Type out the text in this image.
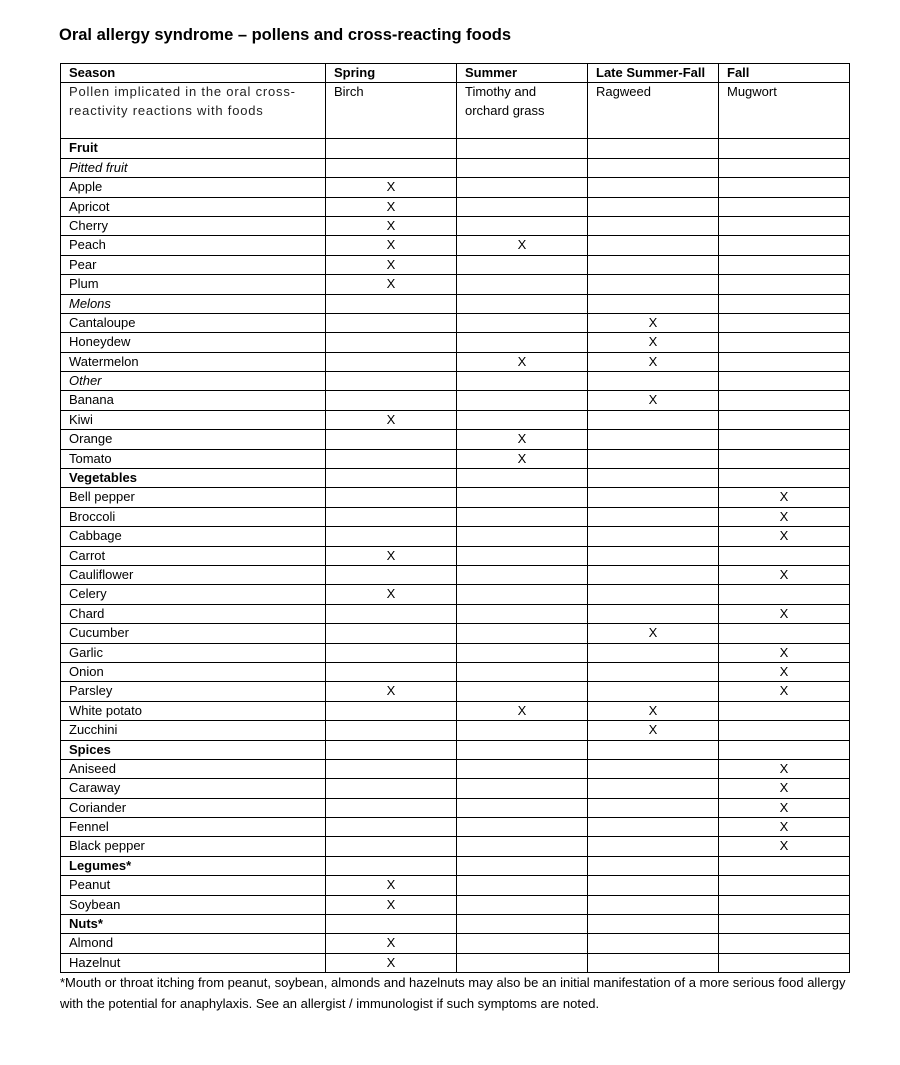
Oral allergy syndrome – pollens and cross-reacting foods
Season	Spring	Summer	Late Summer-Fall	Fall
Pollen implicated in the oral cross-reactivity reactions with foods	Birch	Timothy and orchard grass	Ragweed	Mugwort
Fruit				
Pitted fruit				
Apple	X			
Apricot	X			
Cherry	X			
Peach	X	X		
Pear	X			
Plum	X			
Melons				
Cantaloupe			X	
Honeydew			X	
Watermelon		X	X	
Other				
Banana			X	
Kiwi	X			
Orange		X		
Tomato		X		
Vegetables				
Bell pepper				X
Broccoli				X
Cabbage				X
Carrot	X			
Cauliflower				X
Celery	X			
Chard				X
Cucumber			X	
Garlic				X
Onion				X
Parsley	X			X
White potato		X	X	
Zucchini			X	
Spices				
Aniseed				X
Caraway				X
Coriander				X
Fennel				X
Black pepper				X
Legumes*				
Peanut	X			
Soybean	X			
Nuts*				
Almond	X			
Hazelnut	X			
*Mouth or throat itching from peanut, soybean, almonds and hazelnuts may also be an initial manifestation of a more serious food allergy with the potential for anaphylaxis. See an allergist / immunologist if such symptoms are noted.
